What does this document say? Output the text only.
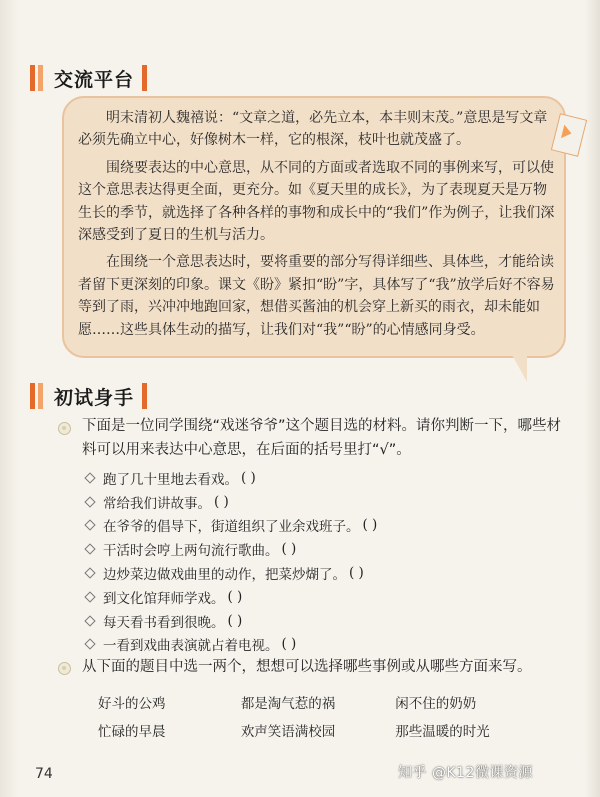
交流平台

明末清初人魏禧说：“文章之道，必先立本，本丰则末茂。”意思是写文章必须先确立中心，好像树木一样，它的根深，枝叶也就茂盛了。

围绕要表达的中心意思，从不同的方面或者选取不同的事例来写，可以使这个意思表达得更全面，更充分。如《夏天里的成长》，为了表现夏天是万物生长的季节，就选择了各种各样的事物和成长中的“我们”作为例子，让我们深深感受到了夏日的生机与活力。

在围绕一个意思表达时，要将重要的部分写得详细些、具体些，才能给读者留下更深刻的印象。课文《盼》紧扣“盼”字，具体写了“我”放学后好不容易等到了雨，兴冲冲地跑回家，想借买酱油的机会穿上新买的雨衣，却未能如愿……这些具体生动的描写，让我们对“我”“盼”的心情感同身受。

初试身手
下面是一位同学围绕“戏迷爷爷”这个题目选的材料。请你判断一下，哪些材料可以用来表达中心意思，在后面的括号里打“√”。
跑了几十里地去看戏。 ( )
常给我们讲故事。 ( )
在爷爷的倡导下，街道组织了业余戏班子。 ( )
干活时会哼上两句流行歌曲。 ( )
边炒菜边做戏曲里的动作，把菜炒煳了。 ( )
到文化馆拜师学戏。 ( )
每天看书看到很晚。 ( )
一看到戏曲表演就占着电视。 ( )
从下面的题目中选一两个，想想可以选择哪些事例或从哪些方面来写。
好斗的公鸡	都是淘气惹的祸	闲不住的奶奶
忙碌的早晨	欢声笑语满校园	那些温暖的时光
74	知乎 @K12微课资源
